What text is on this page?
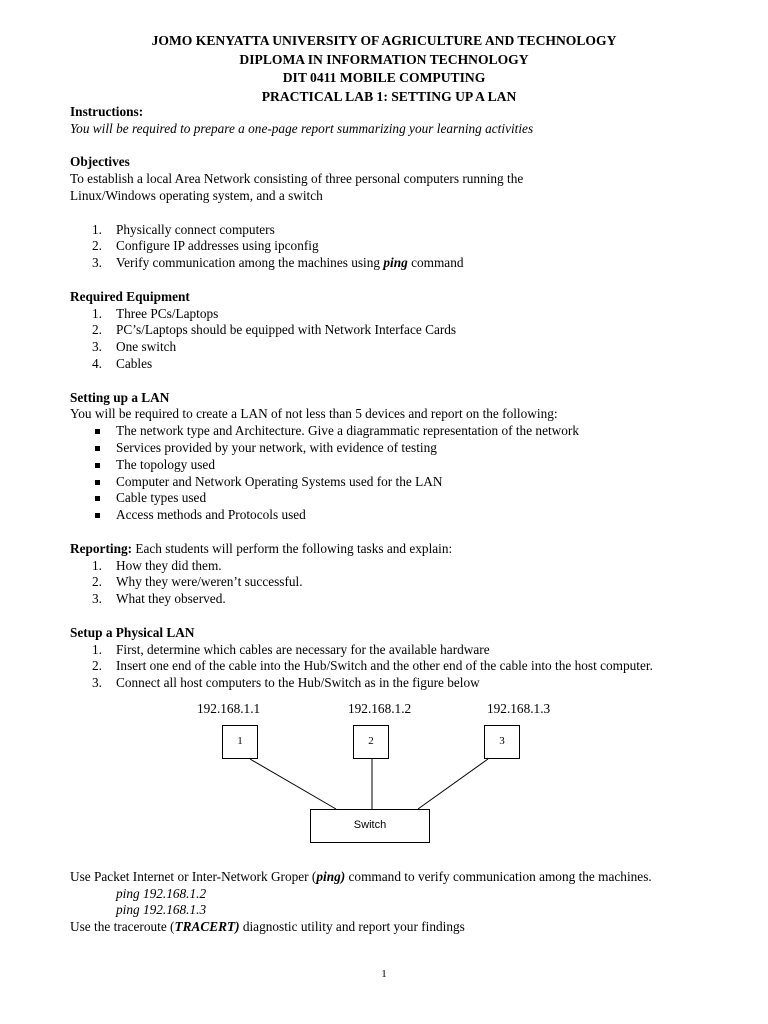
JOMO KENYATTA UNIVERSITY OF AGRICULTURE AND TECHNOLOGY
DIPLOMA IN INFORMATION TECHNOLOGY
DIT 0411 MOBILE COMPUTING
PRACTICAL LAB 1: SETTING UP A LAN
Instructions:
You will be required to prepare a one-page report summarizing your learning activities
Objectives
To establish a local Area Network consisting of three personal computers running the
Linux/Windows operating system, and a switch
1. Physically connect computers
2. Configure IP addresses using ipconfig
3. Verify communication among the machines using ping command
Required Equipment
1. Three PCs/Laptops
2. PC’s/Laptops should be equipped with Network Interface Cards
3. One switch
4. Cables
Setting up a LAN
You will be required to create a LAN of not less than 5 devices and report on the following:
The network type and Architecture. Give a diagrammatic representation of the network
Services provided by your network, with evidence of testing
The topology used
Computer and Network Operating Systems used for the LAN
Cable types used
Access methods and Protocols used
Reporting: Each students will perform the following tasks and explain:
1. How they did them.
2. Why they were/weren’t successful.
3. What they observed.
Setup a Physical LAN
1. First, determine which cables are necessary for the available hardware
2. Insert one end of the cable into the Hub/Switch and the other end of the cable into the host computer.
3. Connect all host computers to the Hub/Switch as in the figure below
192.168.1.1	192.168.1.2	192.168.1.3
1	2	3
Switch
Use Packet Internet or Inter-Network Groper (ping) command to verify communication among the machines.
ping 192.168.1.2
ping 192.168.1.3
Use the traceroute (TRACERT) diagnostic utility and report your findings
1
